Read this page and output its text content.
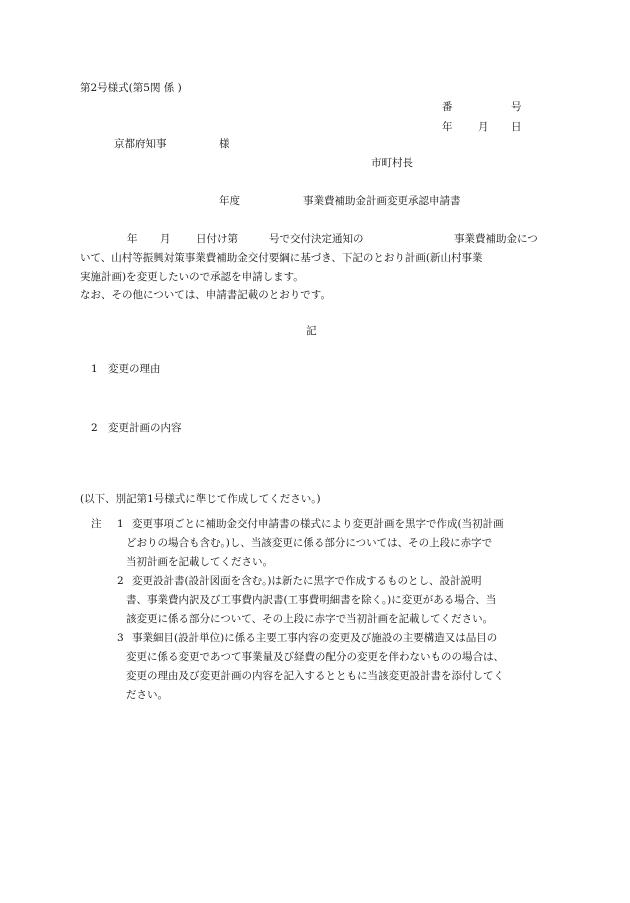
第2号様式(第5関 係 )
番	号
年 月 日
京都府知事	様
市町村長
年度	事業費補助金計画変更承認申請書
年 月 日付け第	号で交付決定通知の	事業費補助金につ
いて、山村等振興対策事業費補助金交付要綱に基づき、下記のとおり計画(新山村事業
実施計画)を変更したいので承認を申請します。
なお、その他については、申請書記載のとおりです。
記
1 変更の理由
2 変更計画の内容
(以下、別記第1号様式に準じて作成してください。)
注 1 変更事項ごとに補助金交付申請書の様式により変更計画を黒字で作成(当初計画
どおりの場合も含む。)し、当該変更に係る部分については、その上段に赤字で
当初計画を記載してください。
2 変更設計書(設計図面を含む。)は新たに黒字で作成するものとし、設計説明
書、事業費内訳及び工事費内訳書(工事費明細書を除く。)に変更がある場合、当
該変更に係る部分について、その上段に赤字で当初計画を記載してください。
3 事業細目(設計単位)に係る主要工事内容の変更及び施設の主要構造又は品目の
変更に係る変更であつて事業量及び経費の配分の変更を伴わないものの場合は、
変更の理由及び変更計画の内容を記入するとともに当該変更設計書を添付してく
ださい。
